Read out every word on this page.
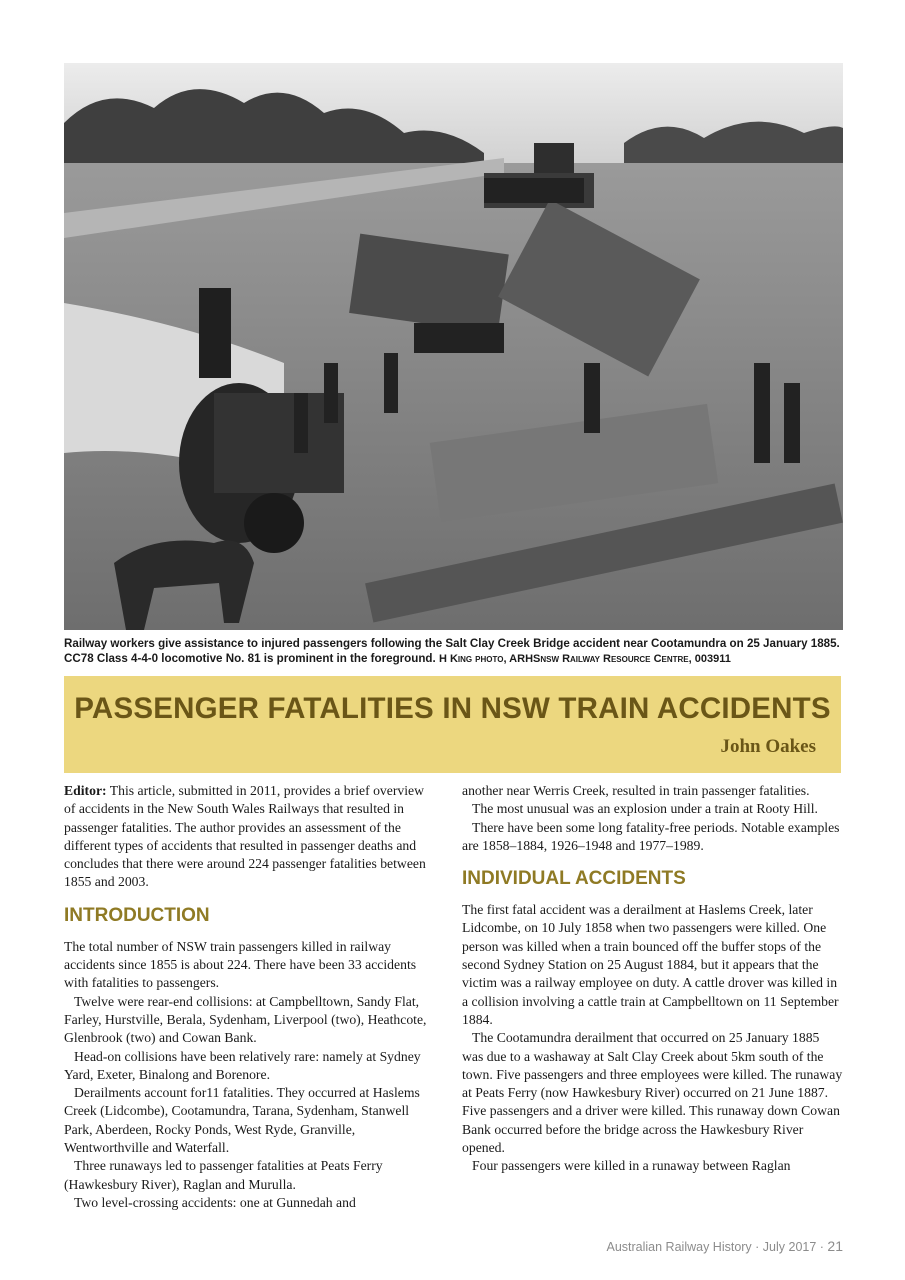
Railway workers give assistance to injured passengers following the Salt Clay Creek Bridge accident near Cootamundra on 25 January 1885. CC78 Class 4-4-0 locomotive No. 81 is prominent in the foreground. H King photo, ARHSnsw Railway Resource Centre, 003911
PASSENGER FATALITIES IN NSW TRAIN ACCIDENTS
John Oakes

Editor: This article, submitted in 2011, provides a brief overview of accidents in the New South Wales Railways that resulted in passenger fatalities. The author provides an assessment of the different types of accidents that resulted in passenger deaths and concludes that there were around 224 passenger fatalities between 1855 and 2003.

INTRODUCTION

The total number of NSW train passengers killed in railway accidents since 1855 is about 224. There have been 33 accidents with fatalities to passengers.

Twelve were rear-end collisions: at Campbelltown, Sandy Flat, Farley, Hurstville, Berala, Sydenham, Liverpool (two), Heathcote, Glenbrook (two) and Cowan Bank.

Head-on collisions have been relatively rare: namely at Sydney Yard, Exeter, Binalong and Borenore.

Derailments account for11 fatalities. They occurred at Haslems Creek (Lidcombe), Cootamundra, Tarana, Sydenham, Stanwell Park, Aberdeen, Rocky Ponds, West Ryde, Granville, Wentworthville and Waterfall.

Three runaways led to passenger fatalities at Peats Ferry (Hawkesbury River), Raglan and Murulla.

Two level-crossing accidents: one at Gunnedah and

another near Werris Creek, resulted in train passenger fatalities.

The most unusual was an explosion under a train at Rooty Hill.

There have been some long fatality-free periods. Notable examples are 1858–1884, 1926–1948 and 1977–1989.

INDIVIDUAL ACCIDENTS

The first fatal accident was a derailment at Haslems Creek, later Lidcombe, on 10 July 1858 when two passengers were killed. One person was killed when a train bounced off the buffer stops of the second Sydney Station on 25 August 1884, but it appears that the victim was a railway employee on duty. A cattle drover was killed in a collision involving a cattle train at Campbelltown on 11 September 1884.

The Cootamundra derailment that occurred on 25 January 1885 was due to a washaway at Salt Clay Creek about 5km south of the town. Five passengers and three employees were killed. The runaway at Peats Ferry (now Hawkesbury River) occurred on 21 June 1887. Five passengers and a driver were killed. This runaway down Cowan Bank occurred before the bridge across the Hawkesbury River opened.

Four passengers were killed in a runaway between Raglan

Australian Railway History · July 2017 · 21
